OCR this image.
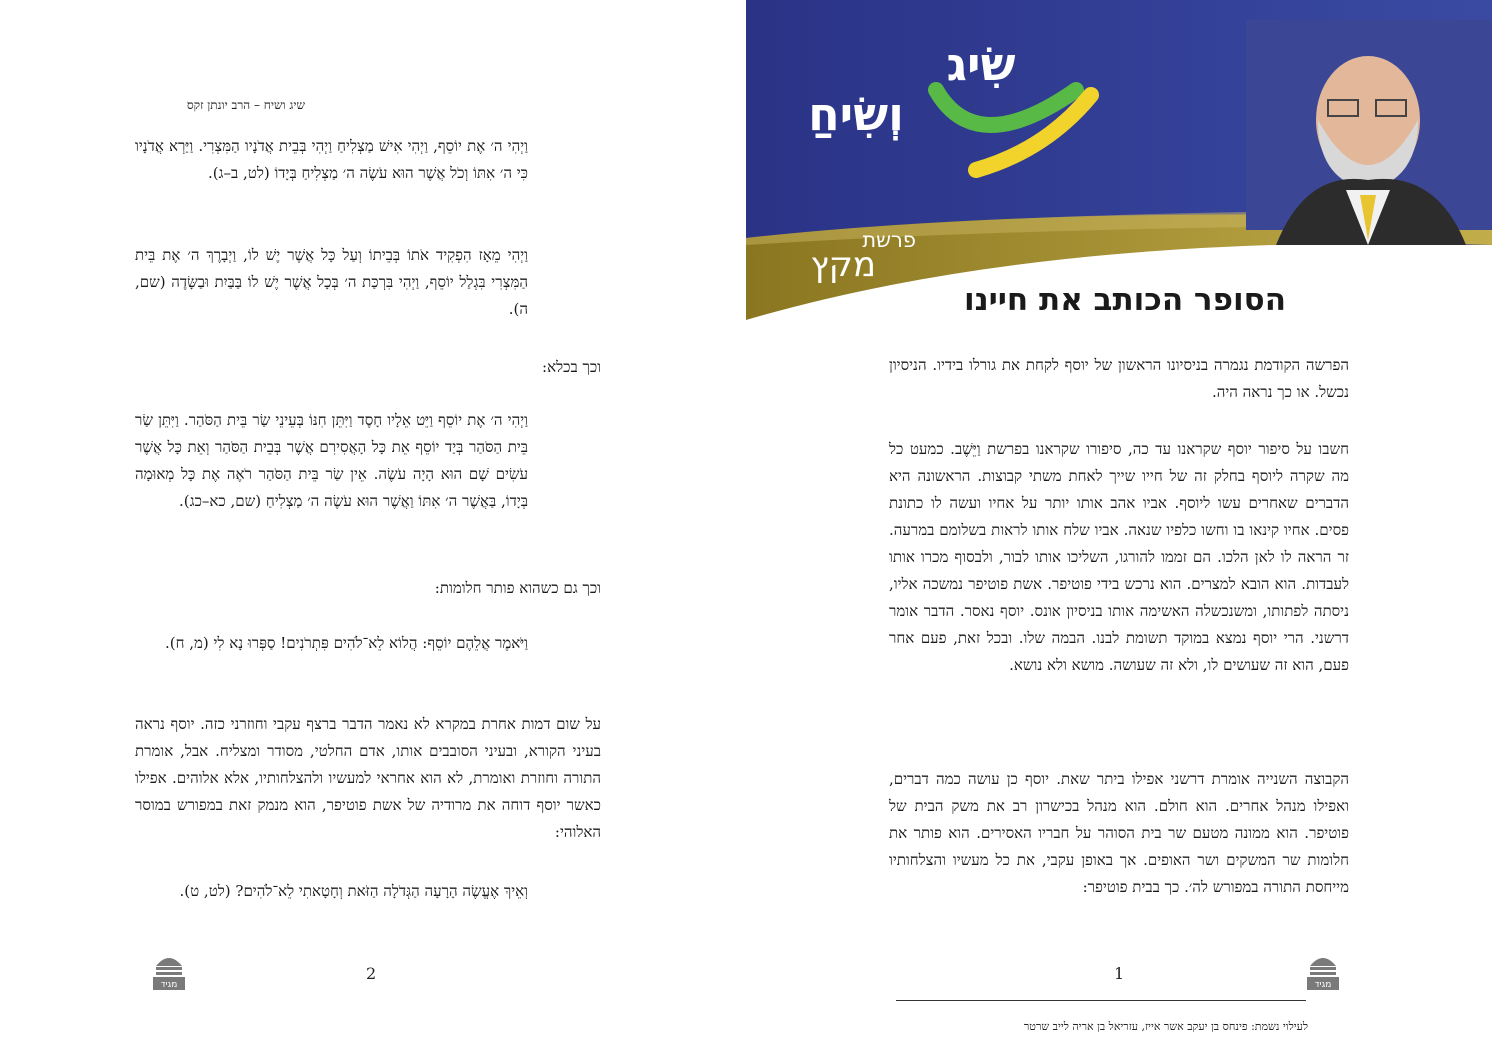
שיג ושיח – הרב יונתן זקס
וַיְהִי ה׳ אֶת יוֹסֵף, וַיְהִי אִישׁ מַצְלִיחַ וַיְהִי בְּבֵית אֲדֹנָיו הַמִּצְרִי. וַיַּרְא אֲדֹנָיו כִּי ה׳ אִתּוֹ וְכֹל אֲשֶׁר הוּא עֹשֶׂה ה׳ מַצְלִיחַ בְּיָדוֹ (לט, ב–ג).
וַיְהִי מֵאָז הִפְקִיד אֹתוֹ בְּבֵיתוֹ וְעַל כָּל אֲשֶׁר יֶשׁ לוֹ, וַיְבָרֶךְ ה׳ אֶת בֵּית הַמִּצְרִי בִּגְלַל יוֹסֵף, וַיְהִי בִּרְכַּת ה׳ בְּכָל אֲשֶׁר יֶשׁ לוֹ בַּבַּיִת וּבַשָּׂדֶה (שם, ה).
וכך בכלא:
וַיְהִי ה׳ אֶת יוֹסֵף וַיֵּט אֵלָיו חָסֶד וַיִּתֵּן חִנּוֹ בְּעֵינֵי שַׂר בֵּית הַסֹּהַר. וַיִּתֵּן שַׂר בֵּית הַסֹּהַר בְּיַד יוֹסֵף אֵת כָּל הָאֲסִירִם אֲשֶׁר בְּבֵית הַסֹּהַר וְאֵת כָּל אֲשֶׁר עֹשִׂים שָׁם הוּא הָיָה עֹשֶׂה. אֵין שַׂר בֵּית הַסֹּהַר רֹאֶה אֶת כָּל מְאוּמָה בְּיָדוֹ, בַּאֲשֶׁר ה׳ אִתּוֹ וַאֲשֶׁר הוּא עֹשֶׂה ה׳ מַצְלִיחַ (שם, כא–כג).
וכך גם כשהוא פותר חלומות:
וַיֹּאמֶר אֲלֵהֶם יוֹסֵף: הֲלוֹא לֵא־לֹהִים פִּתְרֹנִים! סַפְּרוּ נָא לִי (מ, ח).
על שום דמות אחרת במקרא לא נאמר הדבר ברצף עקבי וחוזרני כזה. יוסף נראה בעיני הקורא, ובעיני הסובבים אותו, אדם החלטי, מסודר ומצליח. אבל, אומרת התורה וחוזרת ואומרת, לא הוא אחראי למעשיו ולהצלחותיו, אלא אלוהים. אפילו כאשר יוסף דוחה את מרודיה של אשת פוטיפר, הוא מנמק זאת במפורש במוסר האלוהי:
וְאֵיךְ אֶעֱשֶׂה הָרָעָה הַגְּדֹלָה הַזֹּאת וְחָטָאתִי לֵא־לֹהִים? (לט, ט).
מגיד
2
שִׂיג
וְשִׂיחַ
פרשת
מקץ
הסופר הכותב את חיינו
הפרשה הקודמת נגמרה בניסיונו הראשון של יוסף לקחת את גורלו בידיו. הניסיון נכשל. או כך נראה היה.
חשבו על סיפור יוסף שקראנו עד כה, סיפורו שקראנו בפרשת וַיֵּשֶׁב. כמעט כל מה שקרה ליוסף בחלק זה של חייו שייך לאחת משתי קבוצות. הראשונה היא הדברים שאחרים עשו ליוסף. אביו אהב אותו יותר על אחיו ועשה לו כתונת פסים. אחיו קינאו בו וחשו כלפיו שנאה. אביו שלח אותו לראות בשלומם במרעה. זר הראה לו לאן הלכו. הם זממו להורגו, השליכו אותו לבור, ולבסוף מכרו אותו לעבדות. הוא הובא למצרים. הוא נרכש בידי פוטיפר. אשת פוטיפר נמשכה אליו, ניסתה לפתותו, ומשנכשלה האשימה אותו בניסיון אונס. יוסף נאסר. הדבר אומר דרשני. הרי יוסף נמצא במוקד תשומת לבנו. הבמה שלו. ובכל זאת, פעם אחר פעם, הוא זה שעושים לו, ולא זה שעושה. מושא ולא נושא.
הקבוצה השנייה אומרת דרשני אפילו ביתר שאת. יוסף כן עושה כמה דברים, ואפילו מנהל אחרים. הוא חולם. הוא מנהל בכישרון רב את משק הבית של פוטיפר. הוא ממונה מטעם שר בית הסוהר על חבריו האסירים. הוא פותר את חלומות שר המשקים ושר האופים. אך באופן עקבי, את כל מעשיו והצלחותיו מייחסת התורה במפורש לה׳. כך בבית פוטיפר:
1
מגיד
לעילוי נשמת: פינחס בן יעקב אשר אייז, עזריאל בן אריה לייב שרטר
